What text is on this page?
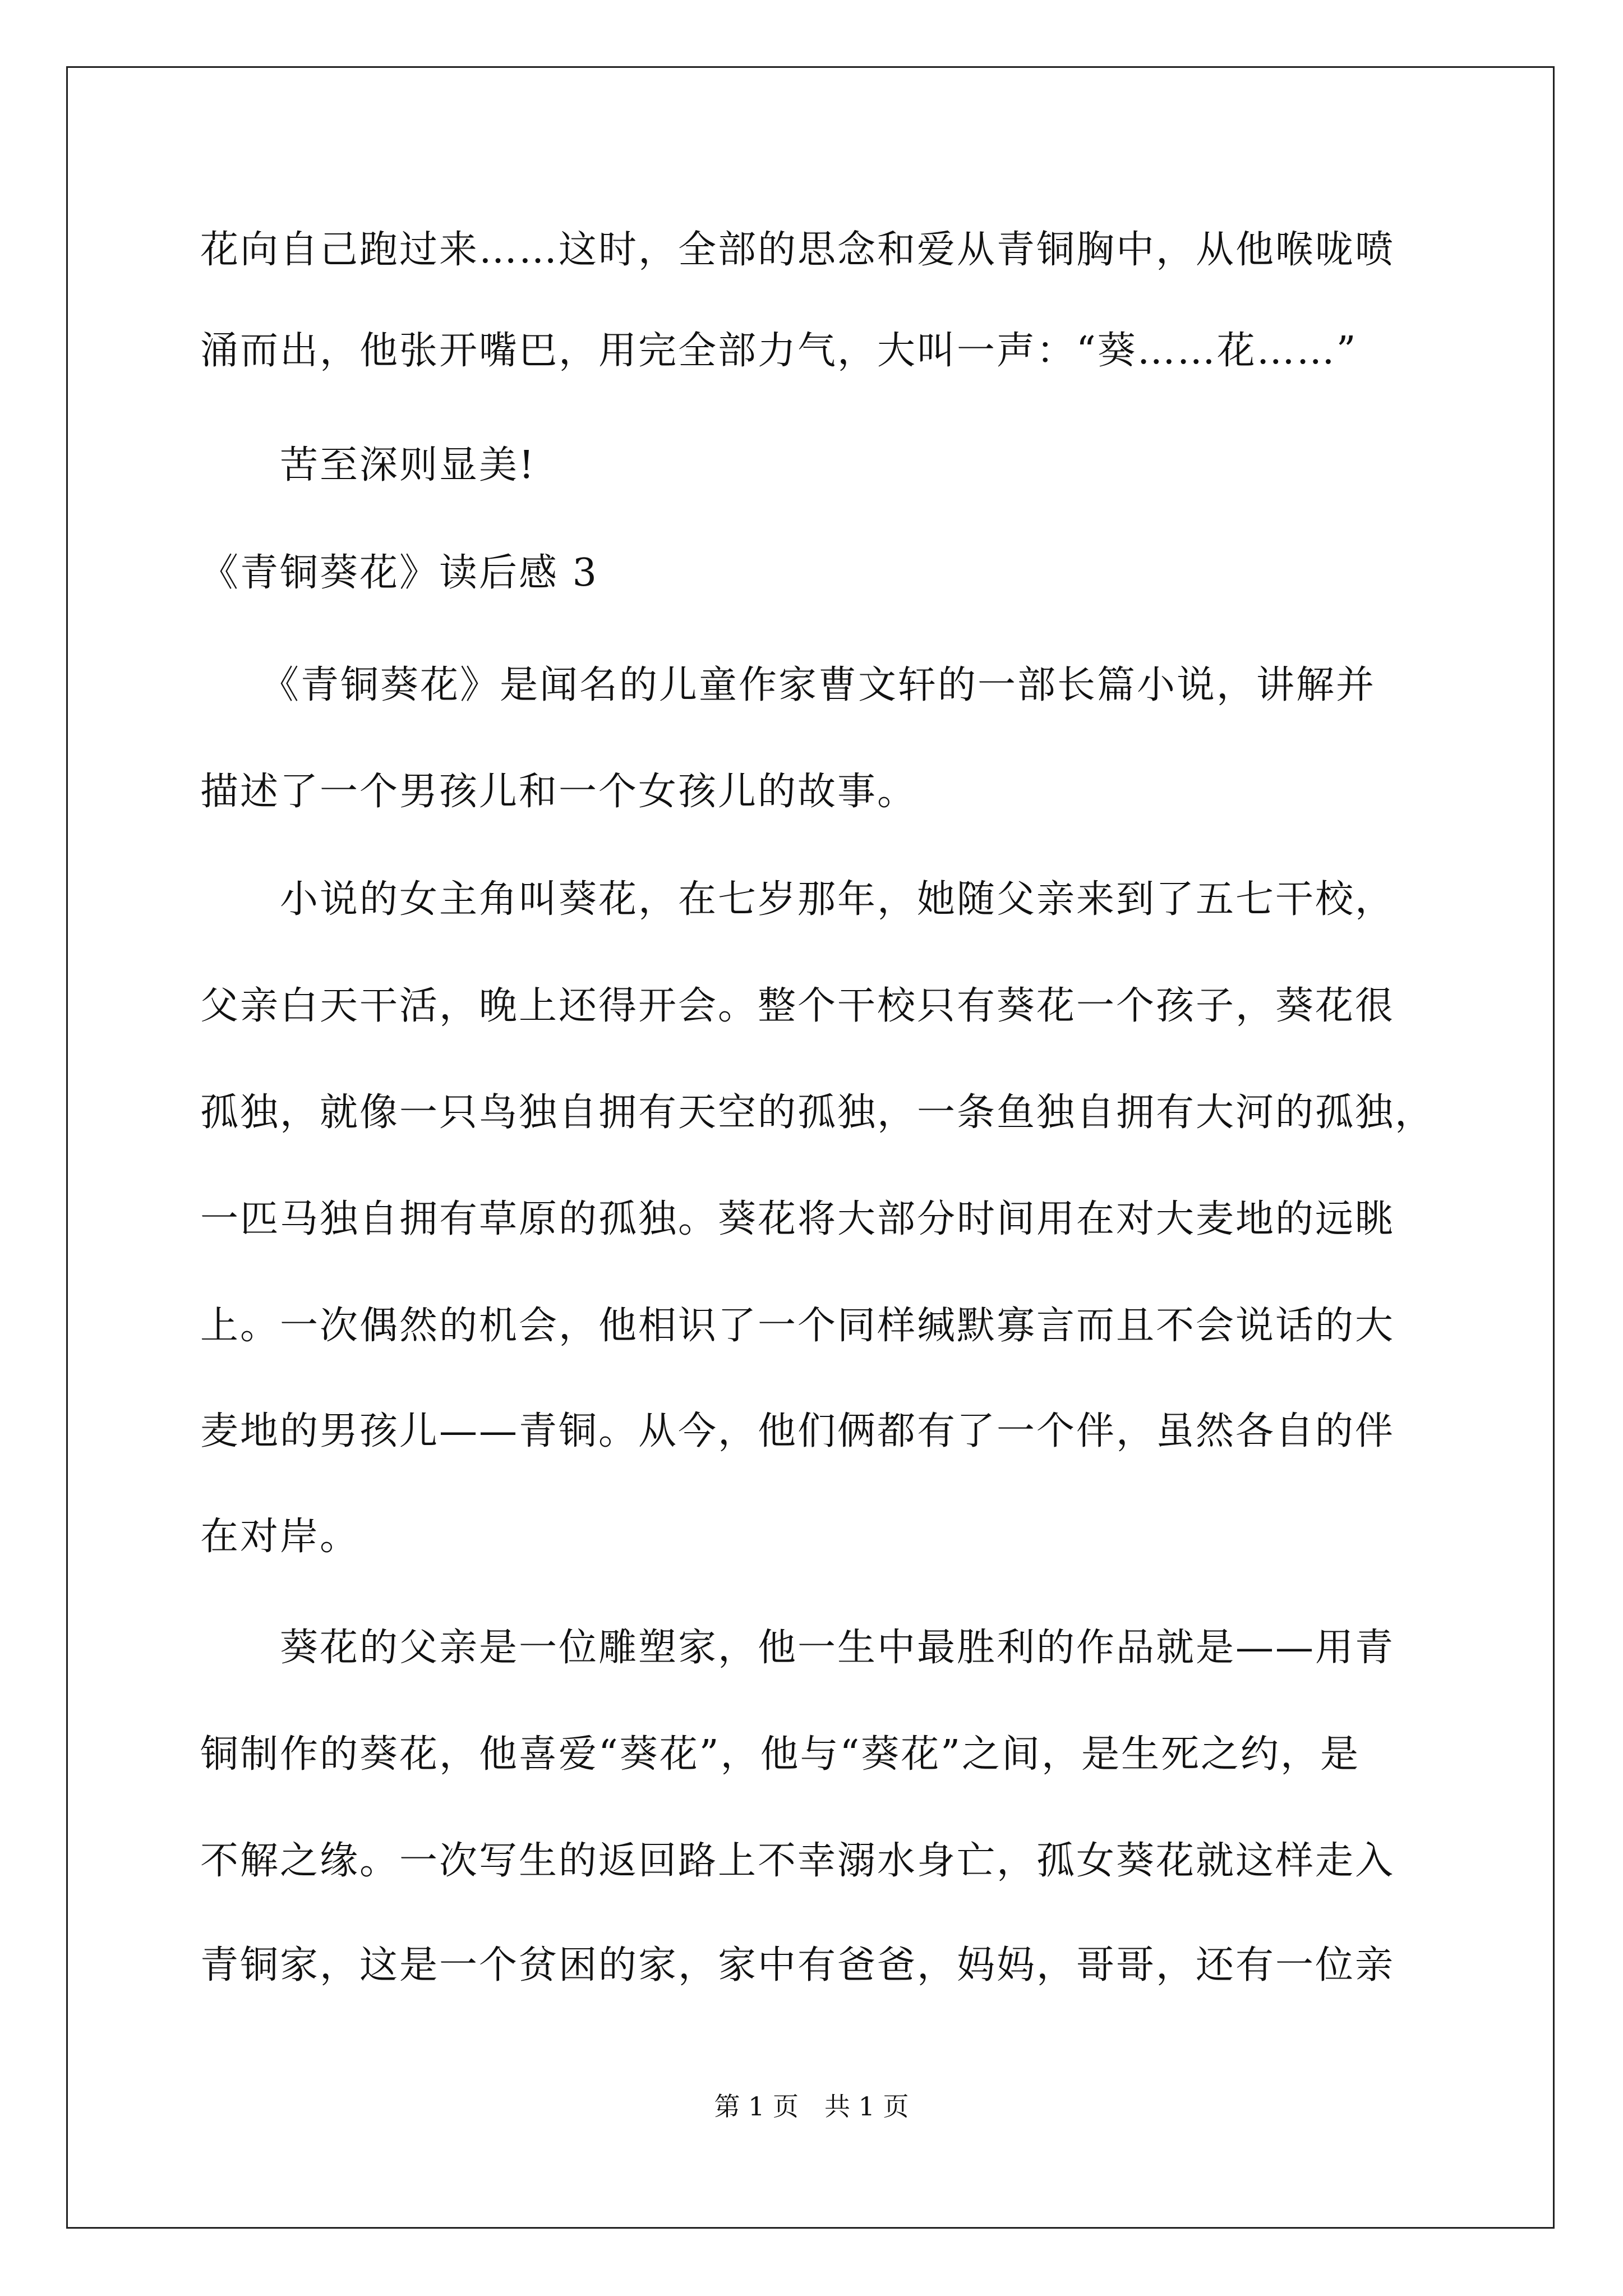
花向自己跑过来……这时，全部的思念和爱从青铜胸中，从他喉咙喷
涌而出，他张开嘴巴，用完全部力气，大叫一声：“葵……花……”
　　苦至深则显美!
《青铜葵花》读后感 3
　　《青铜葵花》是闻名的儿童作家曹文轩的一部长篇小说，讲解并
描述了一个男孩儿和一个女孩儿的故事。
　　小说的女主角叫葵花，在七岁那年，她随父亲来到了五七干校，
父亲白天干活，晚上还得开会。整个干校只有葵花一个孩子，葵花很
孤独，就像一只鸟独自拥有天空的孤独，一条鱼独自拥有大河的孤独，
一匹马独自拥有草原的孤独。葵花将大部分时间用在对大麦地的远眺
上。一次偶然的机会，他相识了一个同样缄默寡言而且不会说话的大
麦地的男孩儿——青铜。从今，他们俩都有了一个伴，虽然各自的伴
在对岸。
　　葵花的父亲是一位雕塑家，他一生中最胜利的作品就是——用青
铜制作的葵花，他喜爱“葵花”，他与“葵花”之间，是生死之约，是
不解之缘。一次写生的返回路上不幸溺水身亡，孤女葵花就这样走入
青铜家，这是一个贫困的家，家中有爸爸，妈妈，哥哥，还有一位亲
第 1 页　共 1 页
